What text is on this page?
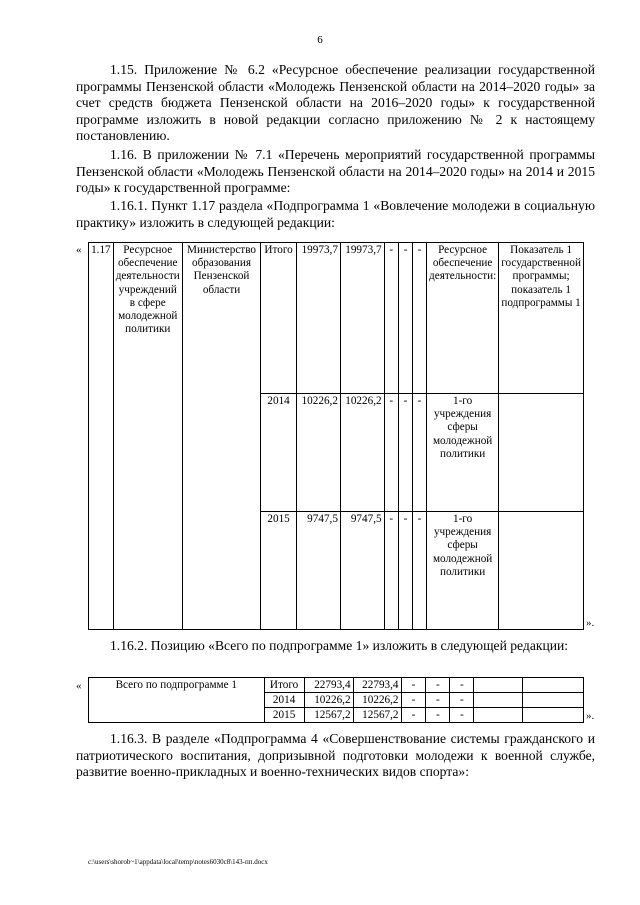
6
1.15. Приложение № 6.2 «Ресурсное обеспечение реализации государственной программы Пензенской области «Молодежь Пензенской области на 2014–2020 годы» за счет средств бюджета Пензенской области на 2016–2020 годы» к государственной программе изложить в новой редакции согласно приложению № 2 к настоящему постановлению.
1.16. В приложении № 7.1 «Перечень мероприятий государственной программы Пензенской области «Молодежь Пензенской области на 2014–2020 годы» на 2014 и 2015 годы» к государственной программе:
1.16.1. Пункт 1.17 раздела «Подпрограмма 1 «Вовлечение молодежи в социальную практику» изложить в следующей редакции:
« 1.17	Ресурсное обеспечение деятельности учреждений в сфере молодежной политики	Министерство образования Пензенской области	Итого	19973,7	19973,7	-	-	-	Ресурсное обеспечение деятельности:	Показатель 1 государственной программы; показатель 1 подпрограммы 1
			2014	10226,2	10226,2	-	-	-	1-го учреждения сферы молодежной политики	
			2015	9747,5	9747,5	-	-	-	1-го учреждения сферы молодежной политики	
».
1.16.2. Позицию «Всего по подпрограмме 1» изложить в следующей редакции:
«	Всего по подпрограмме 1	Итого	22793,4	22793,4	-	-	-		
	2014	10226,2	10226,2	-	-	-		
	2015	12567,2	12567,2	-	-	-			».
1.16.3. В разделе «Подпрограмма 4 «Совершенствование системы гражданского и патриотического воспитания, допризывной подготовки молодежи к военной службе, развитие военно-прикладных и военно-технических видов спорта»:
c:\users\shorob~1\appdata\local\temp\notes6030c8\143-пп.docx
